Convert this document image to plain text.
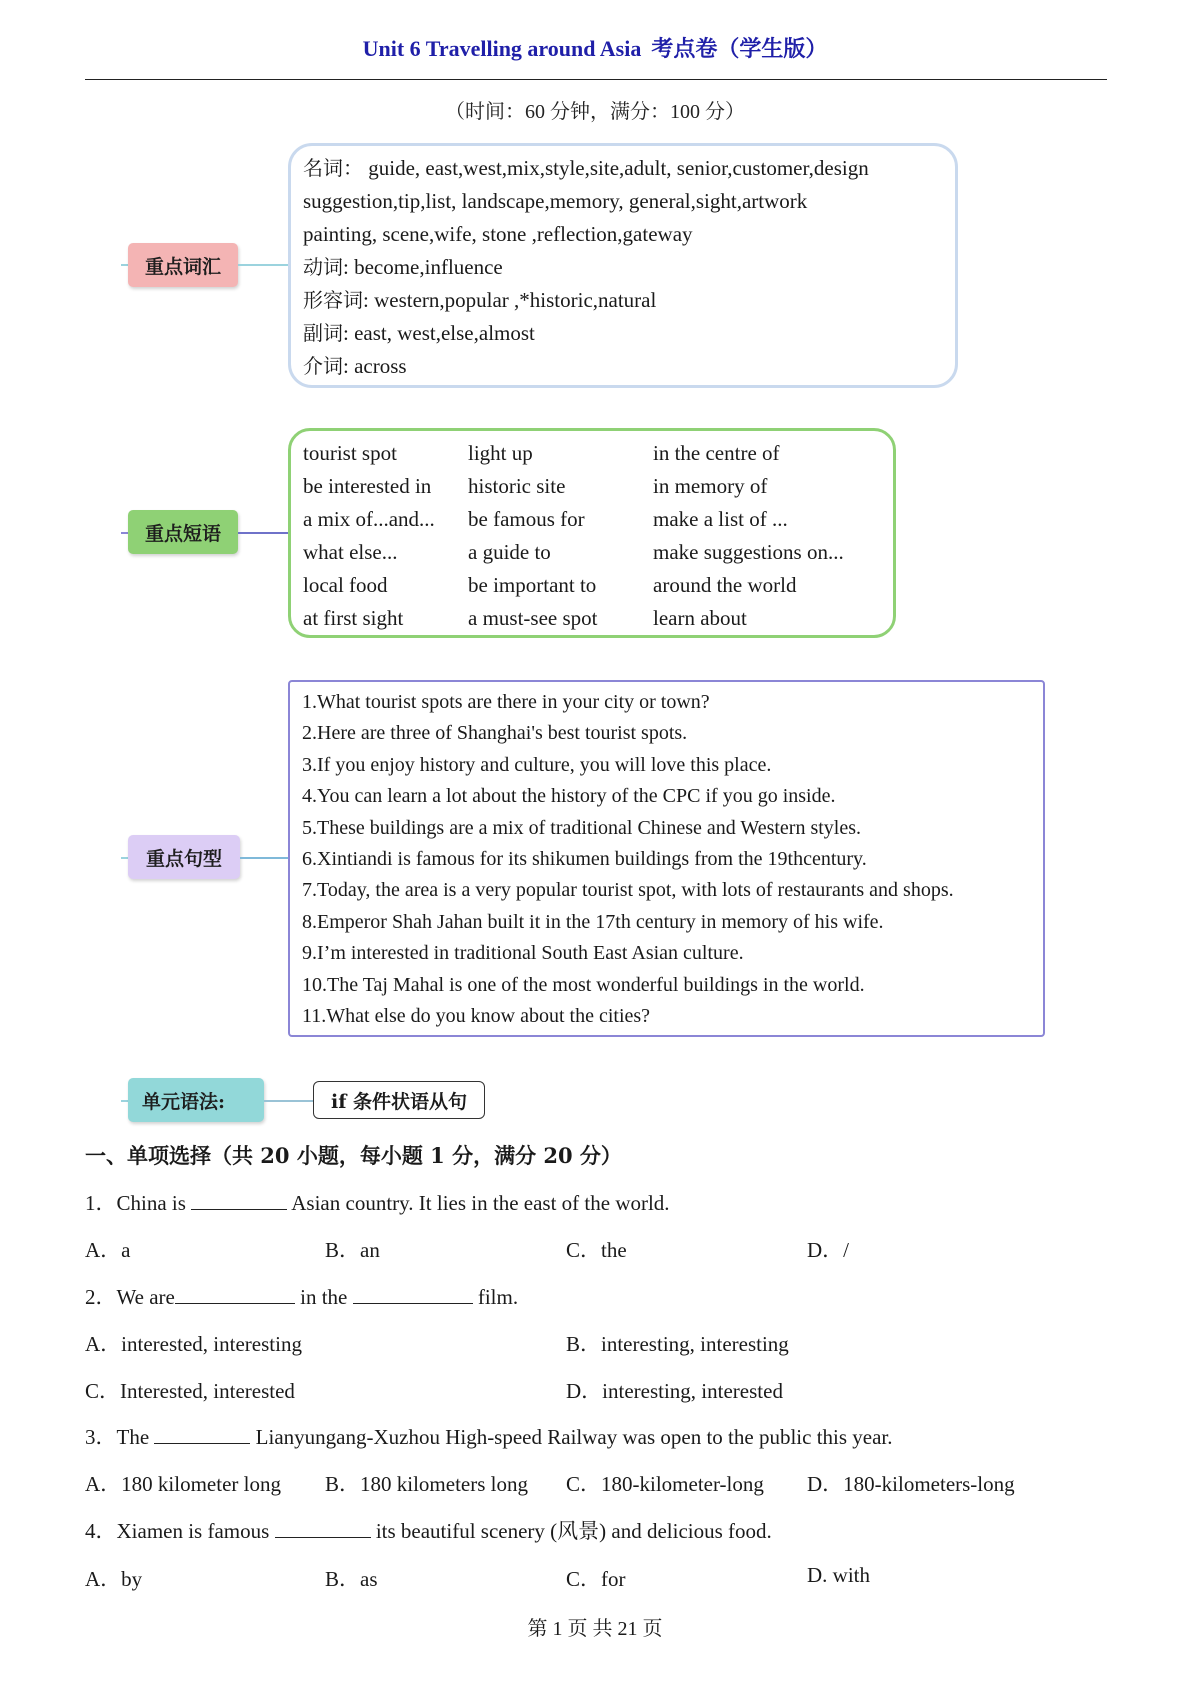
Unit 6 Travelling around Asia 考点卷（学生版）
（时间：60 分钟，满分：100 分）
重点词汇
名词： guide, east,west,mix,style,site,adult, senior,customer,design
suggestion,tip,list, landscape,memory, general,sight,artwork
painting, scene,wife, stone ,reflection,gateway
动词: become,influence
形容词: western,popular ,*historic,natural
副词: east, west,else,almost
介词: across
重点短语
tourist spot	light up	in the centre of
be interested in	historic site	in memory of
a mix of...and...	be famous for	make a list of ...
what else...	a guide to	make suggestions on...
local food	be important to	around the world
at first sight	a must-see spot	learn about
重点句型
1.What tourist spots are there in your city or town?
2.Here are three of Shanghai's best tourist spots.
3.If you enjoy history and culture, you will love this place.
4.You can learn a lot about the history of the CPC if you go inside.
5.These buildings are a mix of traditional Chinese and Western styles.
6.Xintiandi is famous for its shikumen buildings from the 19thcentury.
7.Today, the area is a very popular tourist spot, with lots of restaurants and shops.
8.Emperor Shah Jahan built it in the 17th century in memory of his wife.
9.I’m interested in traditional South East Asian culture.
10.The Taj Mahal is one of the most wonderful buildings in the world.
11.What else do you know about the cities?
单元语法:	if 条件状语从句
一、单项选择（共 20 小题，每小题 1 分，满分 20 分）
1．China is	Asian country. It lies in the east of the world.
A．a	B．an	C．the	D．/
2．We are	in the	film.
A．interested, interesting	B．interesting, interesting
C．Interested, interested	D．interesting, interested
3．The	Lianyungang-Xuzhou High-speed Railway was open to the public this year.
A．180 kilometer long B．180 kilometers long C．180-kilometer-long D．180-kilometers-long
4．Xiamen is famous	its beautiful scenery (风景) and delicious food.
A．by	B．as	C．for	D. with
第 1 页 共 21 页
